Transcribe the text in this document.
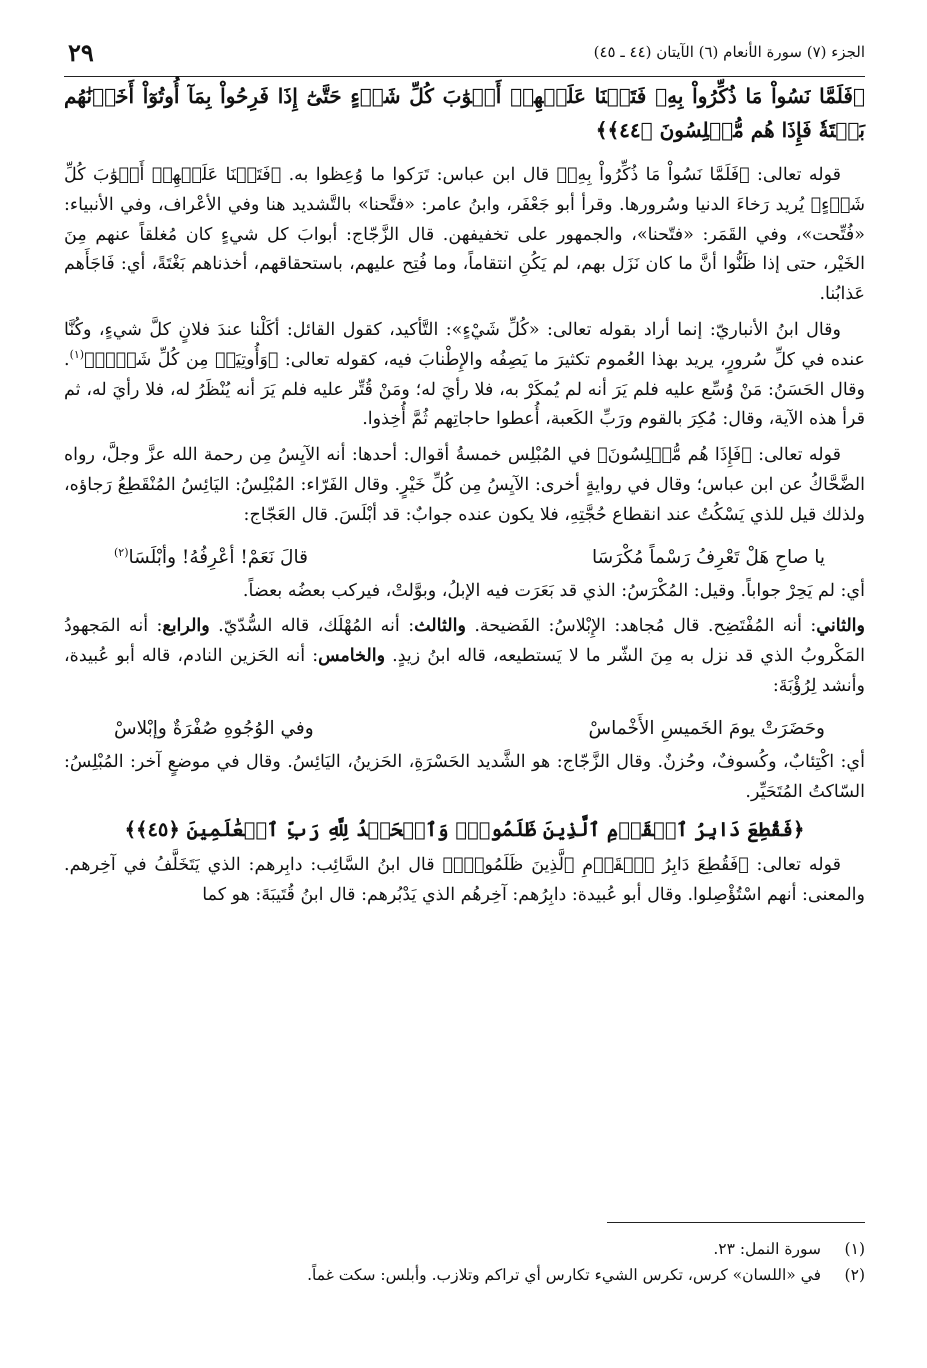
الجزء (٧) سورة الأنعام (٦) الآيتان (٤٤ ـ ٤٥)
٢٩
﴿فَلَمَّا نَسُواْ مَا ذُكِّرُواْ بِهِۦ فَتَحۡنَا عَلَيۡهِمۡ أَبۡوَٰبَ كُلِّ شَيۡءٍ حَتَّىٰٓ إِذَا فَرِحُواْ بِمَآ أُوتُوٓاْ أَخَذۡنَٰهُم بَغۡتَةٗ فَإِذَا هُم مُّبۡلِسُونَ ﴿٤٤﴾﴾

قوله تعالى: ﴿فَلَمَّا نَسُواْ مَا ذُكِّرُواْ بِهِۦ﴾ قال ابن عباس: تَرَكوا ما وُعِظوا به. ﴿فَتَحۡنَا عَلَيۡهِمۡ أَبۡوَٰبَ كُلِّ شَيۡءٍ﴾ يُريد رَخاءَ الدنيا وسُرورها. وقرأ أبو جَعْفَر، وابنُ عامر: «فتَّحنا» بالتَّشديد هنا وفي الأعْراف، وفي الأنبياء: «فُتِّحت»، وفي القَمَر: «فتّحنا»، والجمهور على تخفيفهن. قال الزَّجّاج: أبوابَ كل شيءٍ كان مُغلقاً عنهم مِنَ الخَيْر، حتى إذا ظَنُّوا أنَّ ما كان نَزَل بهم، لم يَكُنِ انتقاماً، وما فُتِح عليهم، باستحقاقهم، أخذناهم بَغْتَةً، أي: فَاجَأَهم عَذابُنا.

وقال ابنُ الأنباريّ: إنما أراد بقوله تعالى: «كُلِّ شَيْءٍ»: التَّأكيد، كقول القائل: أكَلْنا عندَ فلانٍ كلَّ شيءٍ، وكُنَّا عنده في كلِّ سُرورٍ، يريد بهذا العُموم تكثيرَ ما يَصِفُه والإِطْنابَ فيه، كقوله تعالى: ﴿وَأُوتِيَتۡ مِن كُلِّ شَيۡءٖ﴾$^{(١)}$. وقال الحَسَنُ: مَنْ وُسِّع عليه فلم يَرَ أنه لم يُمكَرْ به، فلا رأيَ له؛ ومَنْ قُتِّر عليه فلم يَرَ أنه يُنْظَرُ له، فلا رأيَ له، ثم قرأ هذه الآية، وقال: مُكِرَ بالقوم ورَبِّ الكَعبة، أُعطوا حاجاتِهم ثُمَّ أُخِذوا.

قوله تعالى: ﴿فَإِذَا هُم مُّبۡلِسُونَ﴾ في المُبْلِس خمسةُ أقوال: أحدها: أنه الآيِسُ مِن رحمة الله عزَّ وجلَّ، رواه الضَّحَّاكُ عن ابن عباس؛ وقال في روايةٍ أخرى: الآيِسُ مِن كُلِّ خَيْرٍ. وقال الفَرّاء: المُبْلِسُ: اليَائِسُ المُنْقَطِعُ رَجاؤه، ولذلك قيل للذي يَسْكُتُ عند انقطاع حُجَّتِهِ، فلا يكون عنده جوابٌ: قد أبْلَسَ. قال العَجّاج:

يا صاحِ هَلْ تَعْرِفُ رَسْماً مُكْرَسَا
قالَ نَعَمْ! أعْرِفُهُ! وأبْلَسَا$^{(٢)}$

أي: لم يَحِرْ جواباً. وقيل: المُكْرَسُ: الذي قد بَعَرَت فيه الإبلُ، وبوَّلتْ، فيركب بعضُه بعضاً.

والثاني: أنه المُفْتَضِح. قال مُجاهد: الإِبْلاسُ: الفَضيحة. والثالث: أنه المُهْلَك، قاله السُّدّيّ. والرابع: أنه المَجهودُ المَكْروبُ الذي قد نزل به مِنَ الشّر ما لا يَستطيعه، قاله ابنُ زيدٍ. والخامس: أنه الحَزين النادم، قاله أبو عُبيدة، وأنشد لِرُؤْبَةَ:

وحَضَرَتْ يومَ الخَميسِ الأَخْماسْ
وفي الوُجُوهِ صُفْرَةٌ وإبْلاسْ

أي: اكْتِئابٌ، وكُسوفٌ، وحُزنٌ. وقال الزَّجّاج: هو الشَّديد الحَسْرَةِ، الحَزينُ، اليَائِسُ. وقال في موضعٍ آخر: المُبْلِسُ: السّاكتُ المُتَحَيِّر.

﴿فَقُطِعَ دَابِرُ ٱلۡقَوۡمِ ٱلَّذِينَ ظَلَمُواْۚ وَٱلۡحَمۡدُ لِلَّهِ رَبِّ ٱلۡعَٰلَمِينَ ﴿٤٥﴾﴾

قوله تعالى: ﴿فَقُطِعَ دَابِرُ ٱلۡقَوۡمِ ٱلَّذِينَ ظَلَمُواْۚ﴾ قال ابنُ السَّائِب: دابِرهم: الذي يَتَخَلَّفُ في آخِرهم. والمعنى: أنهم اسْتُؤْصِلوا. وقال أبو عُبيدة: دابِرُهم: آخِرهُم الذي يَدْبُرهم: قال ابنُ قُتَيبَةَ: هو كما

(١)
سورة النمل: ٢٣.
(٢)
في «اللسان» كرس، تكرس الشيء تكارس أي تراكم وتلازب. وأبلس: سكت غماً.
